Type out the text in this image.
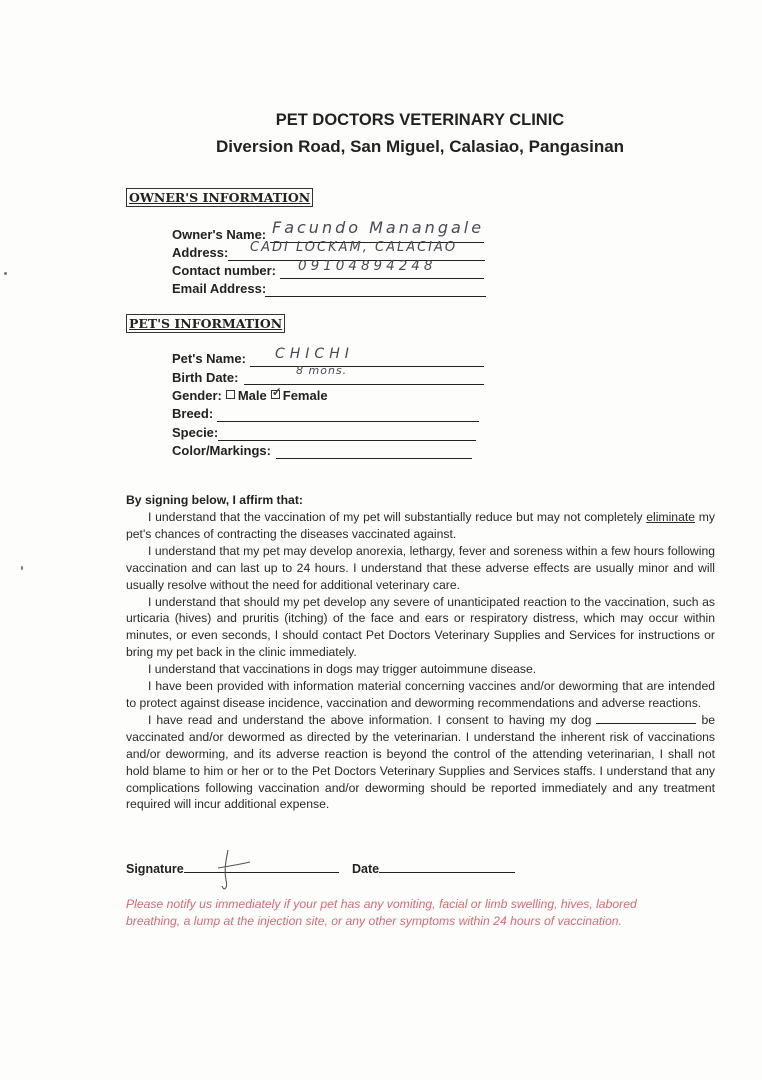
PET DOCTORS VETERINARY CLINIC
Diversion Road, San Miguel, Calasiao, Pangasinan
OWNER'S INFORMATION
Owner's Name: Facundo Manangale
Address: CADI LOCKAM, CALACIAO
Contact number: 09104894248
Email Address:
PET'S INFORMATION
Pet's Name: CHICHI
Birth Date:	8 mons.
Gender: Male ✓ Female
Breed:
Specie:
Color/Markings:
By signing below, I affirm that:

I understand that the vaccination of my pet will substantially reduce but may not completely eliminate my pet's chances of contracting the diseases vaccinated against.

I understand that my pet may develop anorexia, lethargy, fever and soreness within a few hours following vaccination and can last up to 24 hours. I understand that these adverse effects are usually minor and will usually resolve without the need for additional veterinary care.

I understand that should my pet develop any severe of unanticipated reaction to the vaccination, such as urticaria (hives) and pruritis (itching) of the face and ears or respiratory distress, which may occur within minutes, or even seconds, I should contact Pet Doctors Veterinary Supplies and Services for instructions or bring my pet back in the clinic immediately.

I understand that vaccinations in dogs may trigger autoimmune disease.

I have been provided with information material concerning vaccines and/or deworming that are intended to protect against disease incidence, vaccination and deworming recommendations and adverse reactions.

I have read and understand the above information. I consent to having my dog	be vaccinated and/or dewormed as directed by the veterinarian. I understand the inherent risk of vaccinations and/or deworming, and its adverse reaction is beyond the control of the attending veterinarian, I shall not hold blame to him or her or to the Pet Doctors Veterinary Supplies and Services staffs. I understand that any complications following vaccination and/or deworming should be reported immediately and any treatment required will incur additional expense.

Signature	Date
Please notify us immediately if your pet has any vomiting, facial or limb swelling, hives, labored breathing, a lump at the injection site, or any other symptoms within 24 hours of vaccination.
